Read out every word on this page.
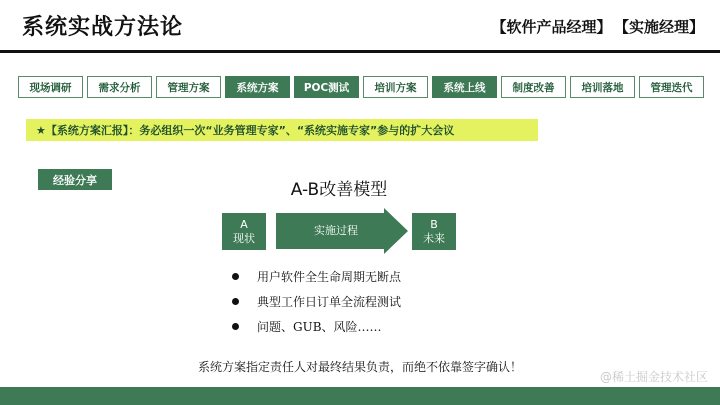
系统实战方法论	【软件产品经理】 【实施经理】
现场调研	需求分析	管理方案	系统方案	POC测试	培训方案	系统上线	制度改善	培训落地	管理迭代
★【系统方案汇报】：务必组织一次“业务管理专家”、“系统实施专家”参与的扩大会议
经验分享	A-B改善模型
A
现状
实施过程	B
未来
用户软件全生命周期无断点
典型工作日订单全流程测试
问题、GUB、风险……
系统方案指定责任人对最终结果负责，而绝不依靠签字确认！
@稀土掘金技术社区
